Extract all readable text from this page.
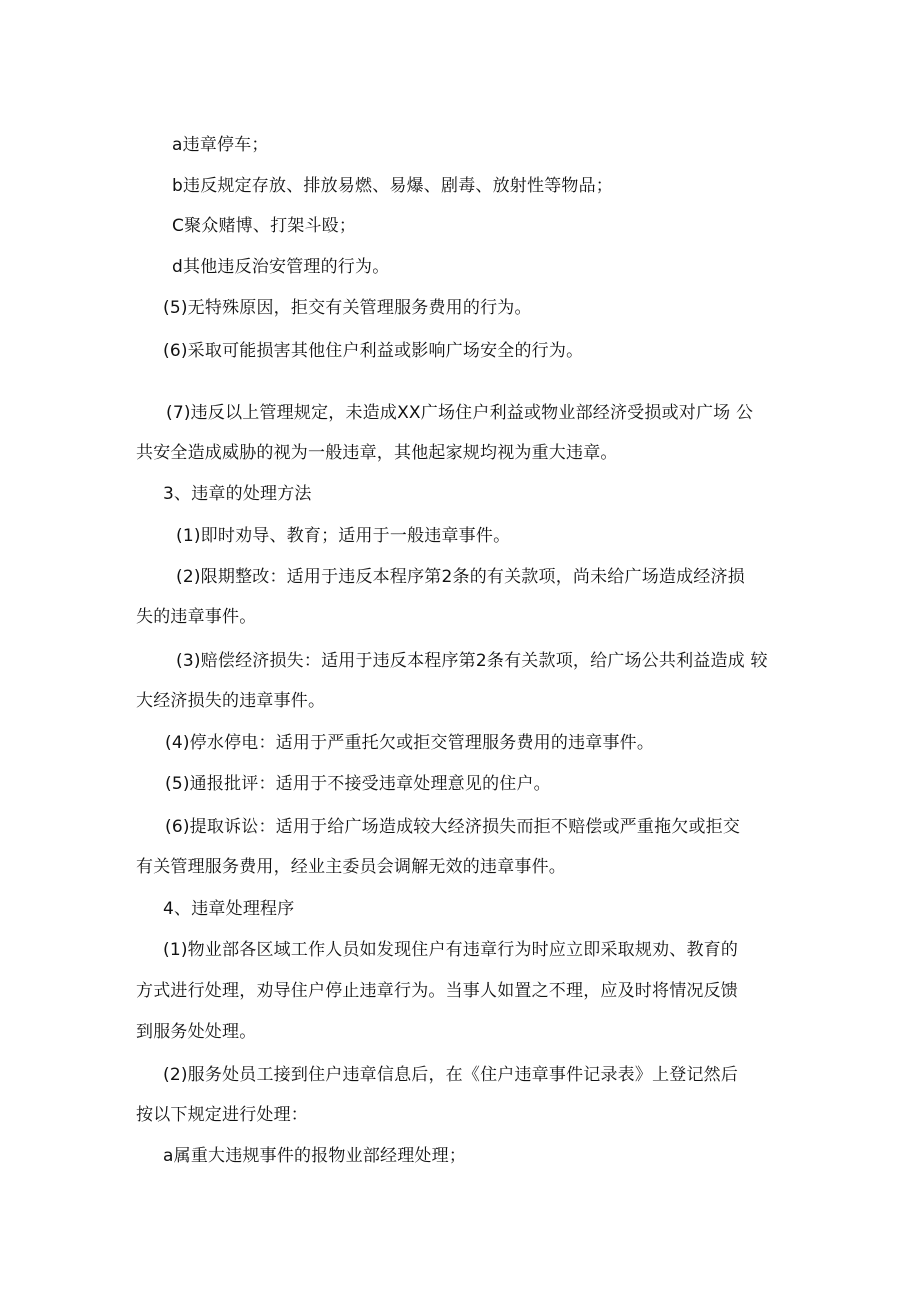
a违章停车；
b违反规定存放、排放易燃、易爆、剧毒、放射性等物品；
C聚众赌博、打架斗殴；
d其他违反治安管理的行为。
(5)无特殊原因，拒交有关管理服务费用的行为。
(6)采取可能损害其他住户利益或影响广场安全的行为。
(7)违反以上管理规定，未造成XX广场住户利益或物业部经济受损或对广场 公
共安全造成威胁的视为一般违章，其他起家规均视为重大违章。
3、违章的处理方法
(1)即时劝导、教育；适用于一般违章事件。
(2)限期整改：适用于违反本程序第2条的有关款项，尚未给广场造成经济损
失的违章事件。
(3)赔偿经济损失：适用于违反本程序第2条有关款项，给广场公共利益造成 较
大经济损失的违章事件。
(4)停水停电：适用于严重托欠或拒交管理服务费用的违章事件。
(5)通报批评：适用于不接受违章处理意见的住户。
(6)提取诉讼：适用于给广场造成较大经济损失而拒不赔偿或严重拖欠或拒交
有关管理服务费用，经业主委员会调解无效的违章事件。
4、违章处理程序
(1)物业部各区域工作人员如发现住户有违章行为时应立即采取规劝、教育的
方式进行处理，劝导住户停止违章行为。当事人如置之不理，应及时将情况反馈
到服务处处理。
(2)服务处员工接到住户违章信息后，在《住户违章事件记录表》上登记然后
按以下规定进行处理：
a属重大违规事件的报物业部经理处理；
